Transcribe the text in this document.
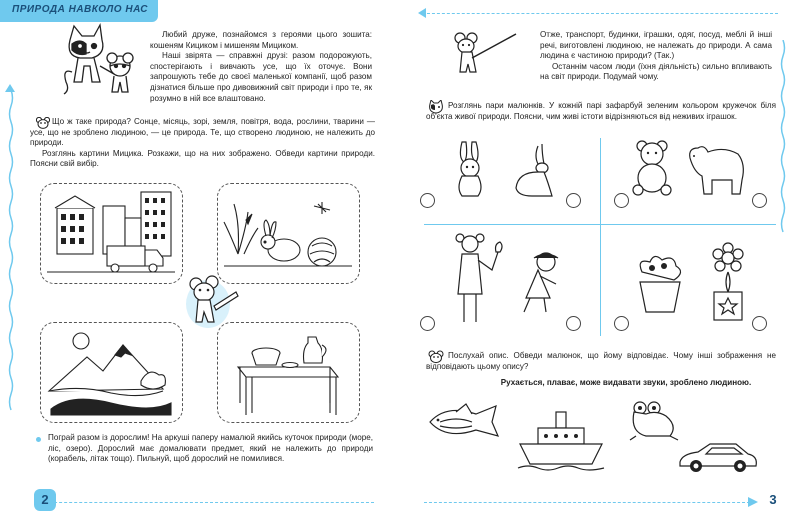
ПРИРОДА НАВКОЛО НАС

Любий друже, познайомся з героями цього зошита: кошеням Кициком і мишеням Мициком.

Наші звірята — справжні друзі: разом подорожують, спостерігають і вивчають усе, що їх оточує. Вони запрошують тебе до своєї маленької компанії, щоб разом дізнатися більше про дивовижний світ природи і про те, як розумно в ній все влаштовано.

Що ж таке природа? Сонце, місяць, зорі, земля, повітря, вода, рослини, тварини — усе, що не зроблено людиною, — це природа. Те, що створено людиною, не належить до природи.

Розглянь картини Мицика. Розкажи, що на них зображено. Обведи картини природи. Поясни свій вибір.

Пограй разом із дорослим! На аркуші паперу намалюй якийсь куточок природи (море, ліс, озеро). Дорослий має домалювати предмет, який не належить до природи (корабель, літак тощо). Пильнуй, щоб дорослий не помилився.

2

Отже, транспорт, будинки, іграшки, одяг, посуд, меблі й інші речі, виготовлені людиною, не належать до природи. А сама людина є частиною природи? (Так.)

Останнім часом люди (їхня діяльність) сильно впливають на світ природи. Подумай чому.

Розглянь пари малюнків. У кожній парі зафарбуй зеленим кольором кружечок біля об'єкта живої природи. Поясни, чим живі істоти відрізняються від неживих іграшок.

Послухай опис. Обведи малюнок, що йому відповідає. Чому інші зображення не відповідають цьому опису?

Рухається, плаває, може видавати звуки, зроблено людиною.
3
